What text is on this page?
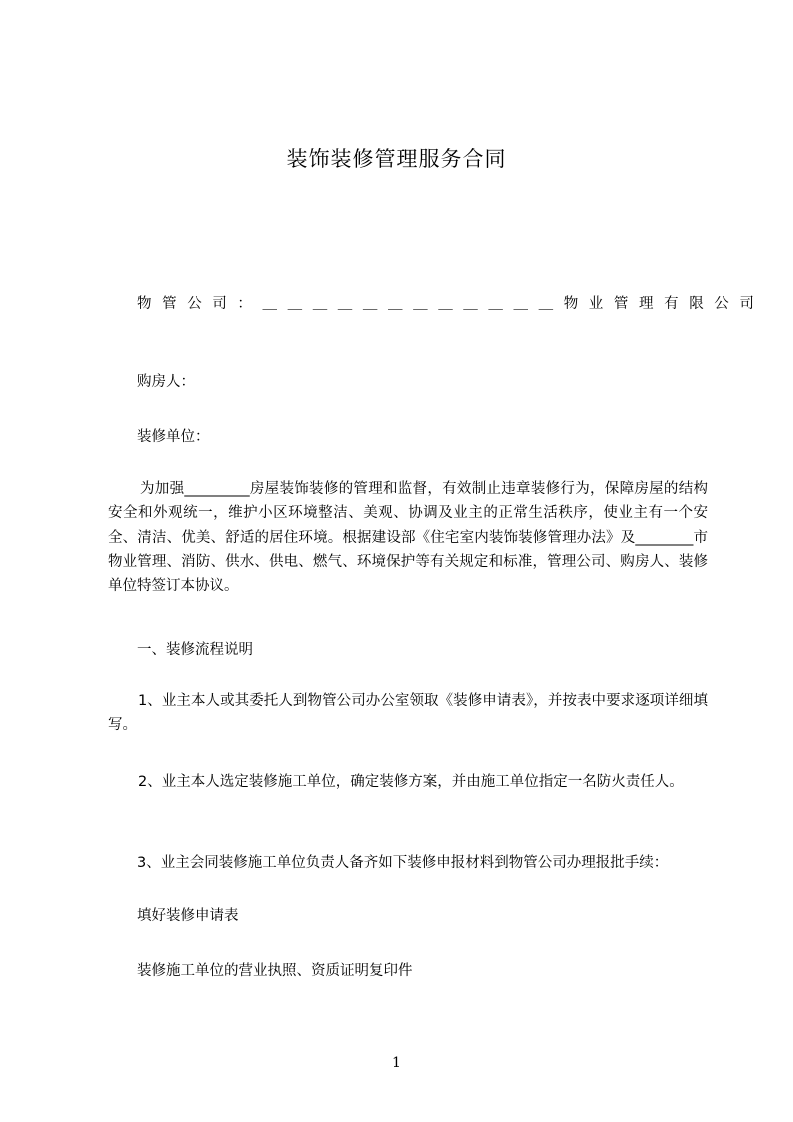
装饰装修管理服务合同
物管公司：＿＿＿＿＿＿＿＿＿＿＿＿物业管理有限公司
购房人：
装修单位：
为加强_________房屋装饰装修的管理和监督，有效制止违章装修行为，保障房屋的结构安全和外观统一，维护小区环境整洁、美观、协调及业主的正常生活秩序，使业主有一个安全、清洁、优美、舒适的居住环境。根据建设部《住宅室内装饰装修管理办法》及________市物业管理、消防、供水、供电、燃气、环境保护等有关规定和标准，管理公司、购房人、装修单位特签订本协议。
一、装修流程说明
1、业主本人或其委托人到物管公司办公室领取《装修申请表》，并按表中要求逐项详细填写。
2、业主本人选定装修施工单位，确定装修方案，并由施工单位指定一名防火责任人。
3、业主会同装修施工单位负责人备齐如下装修申报材料到物管公司办理报批手续：
填好装修申请表
装修施工单位的营业执照、资质证明复印件
1
